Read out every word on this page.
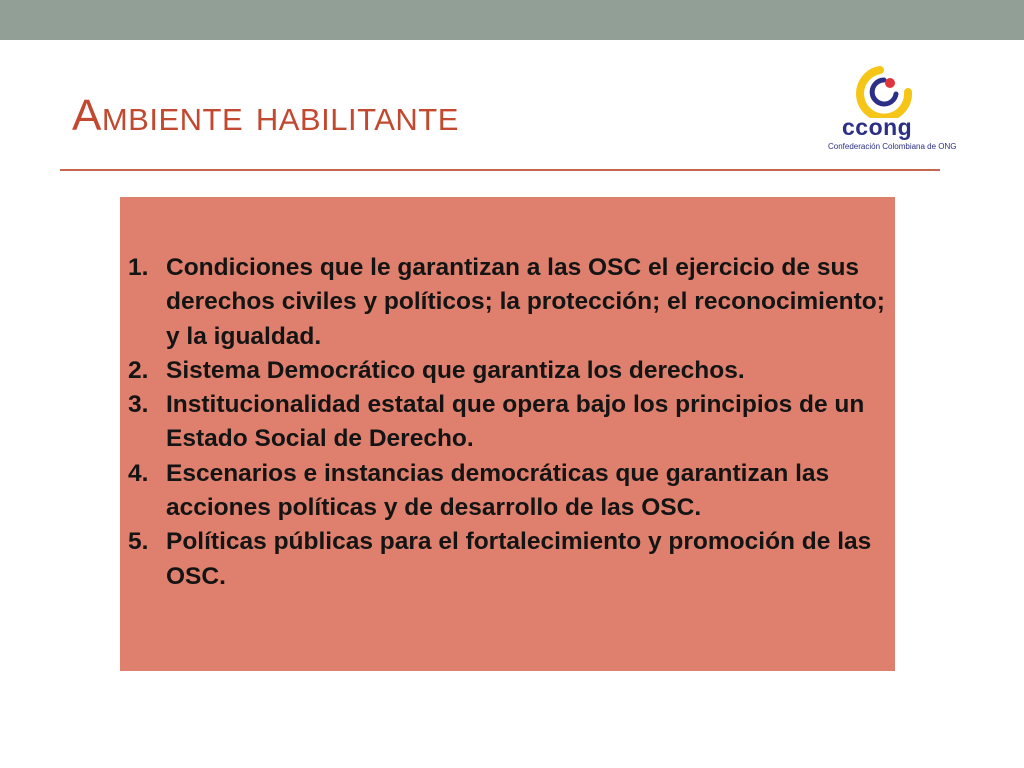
Ambiente habilitante	ccong
Confederación Colombiana de ONG
1. Condiciones que le garantizan a las OSC el ejercicio de sus derechos civiles y políticos; la protección; el reconocimiento; y la igualdad.
2. Sistema Democrático que garantiza los derechos.
3. Institucionalidad estatal que opera bajo los principios de un Estado Social de Derecho.
4. Escenarios e instancias democráticas que garantizan las acciones políticas y de desarrollo de las OSC.
5. Políticas públicas para el fortalecimiento y promoción de las OSC.
